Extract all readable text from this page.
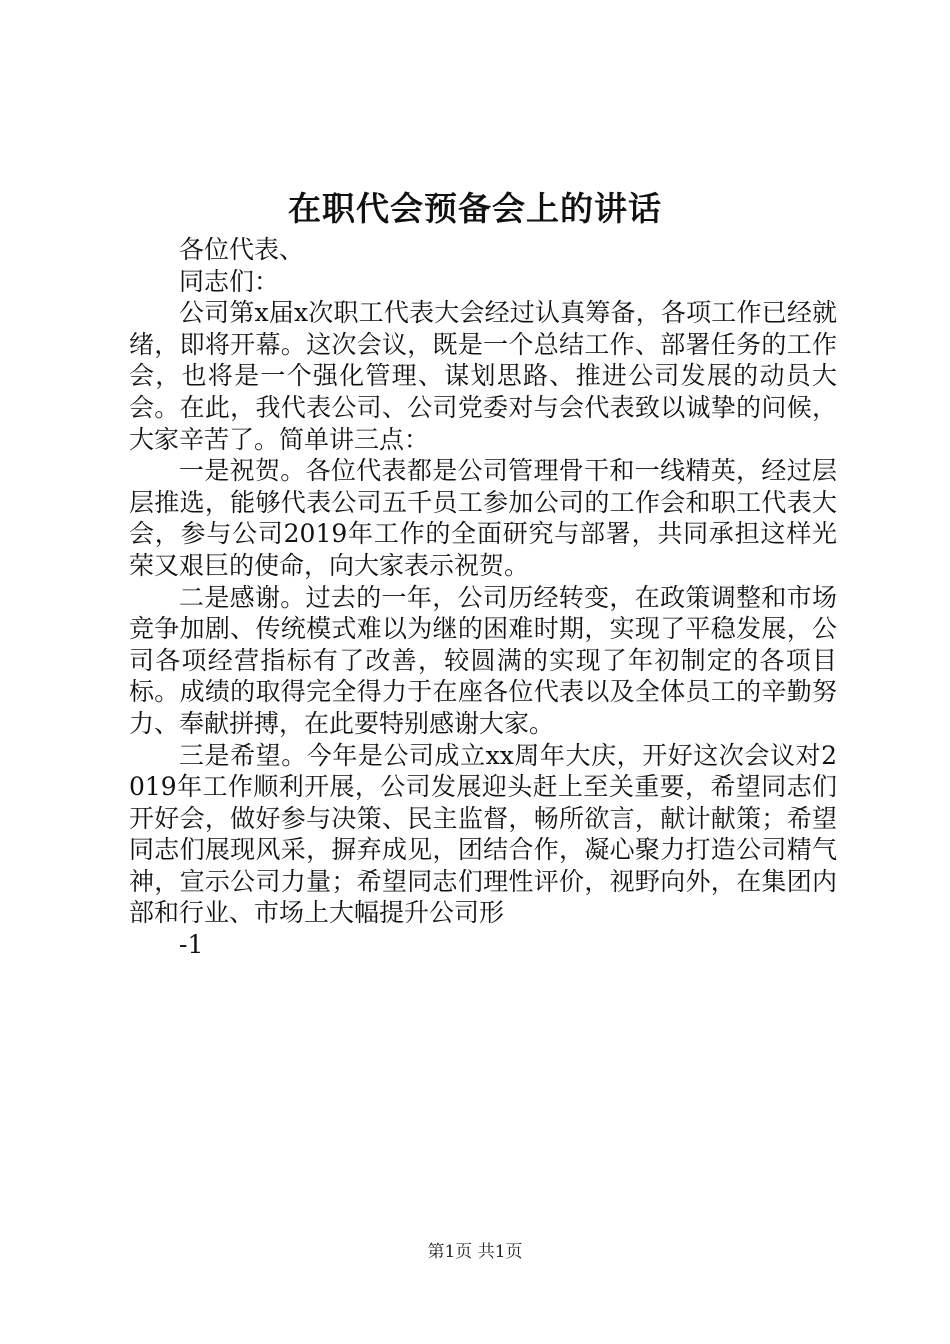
在职代会预备会上的讲话

各位代表、

同志们：

公司第x届x次职工代表大会经过认真筹备，各项工作已经就绪，即将开幕。这次会议，既是一个总结工作、部署任务的工作会，也将是一个强化管理、谋划思路、推进公司发展的动员大会。在此，我代表公司、公司党委对与会代表致以诚挚的问候，大家辛苦了。简单讲三点：

一是祝贺。各位代表都是公司管理骨干和一线精英，经过层层推选，能够代表公司五千员工参加公司的工作会和职工代表大会，参与公司2019年工作的全面研究与部署，共同承担这样光荣又艰巨的使命，向大家表示祝贺。

二是感谢。过去的一年，公司历经转变，在政策调整和市场竞争加剧、传统模式难以为继的困难时期，实现了平稳发展，公司各项经营指标有了改善，较圆满的实现了年初制定的各项目标。成绩的取得完全得力于在座各位代表以及全体员工的辛勤努力、奉献拼搏，在此要特别感谢大家。

三是希望。今年是公司成立xx周年大庆，开好这次会议对2019年工作顺利开展，公司发展迎头赶上至关重要，希望同志们开好会，做好参与决策、民主监督，畅所欲言，献计献策；希望同志们展现风采，摒弃成见，团结合作，凝心聚力打造公司精气神，宣示公司力量；希望同志们理性评价，视野向外，在集团内部和行业、市场上大幅提升公司形

-1

第1页 共1页
